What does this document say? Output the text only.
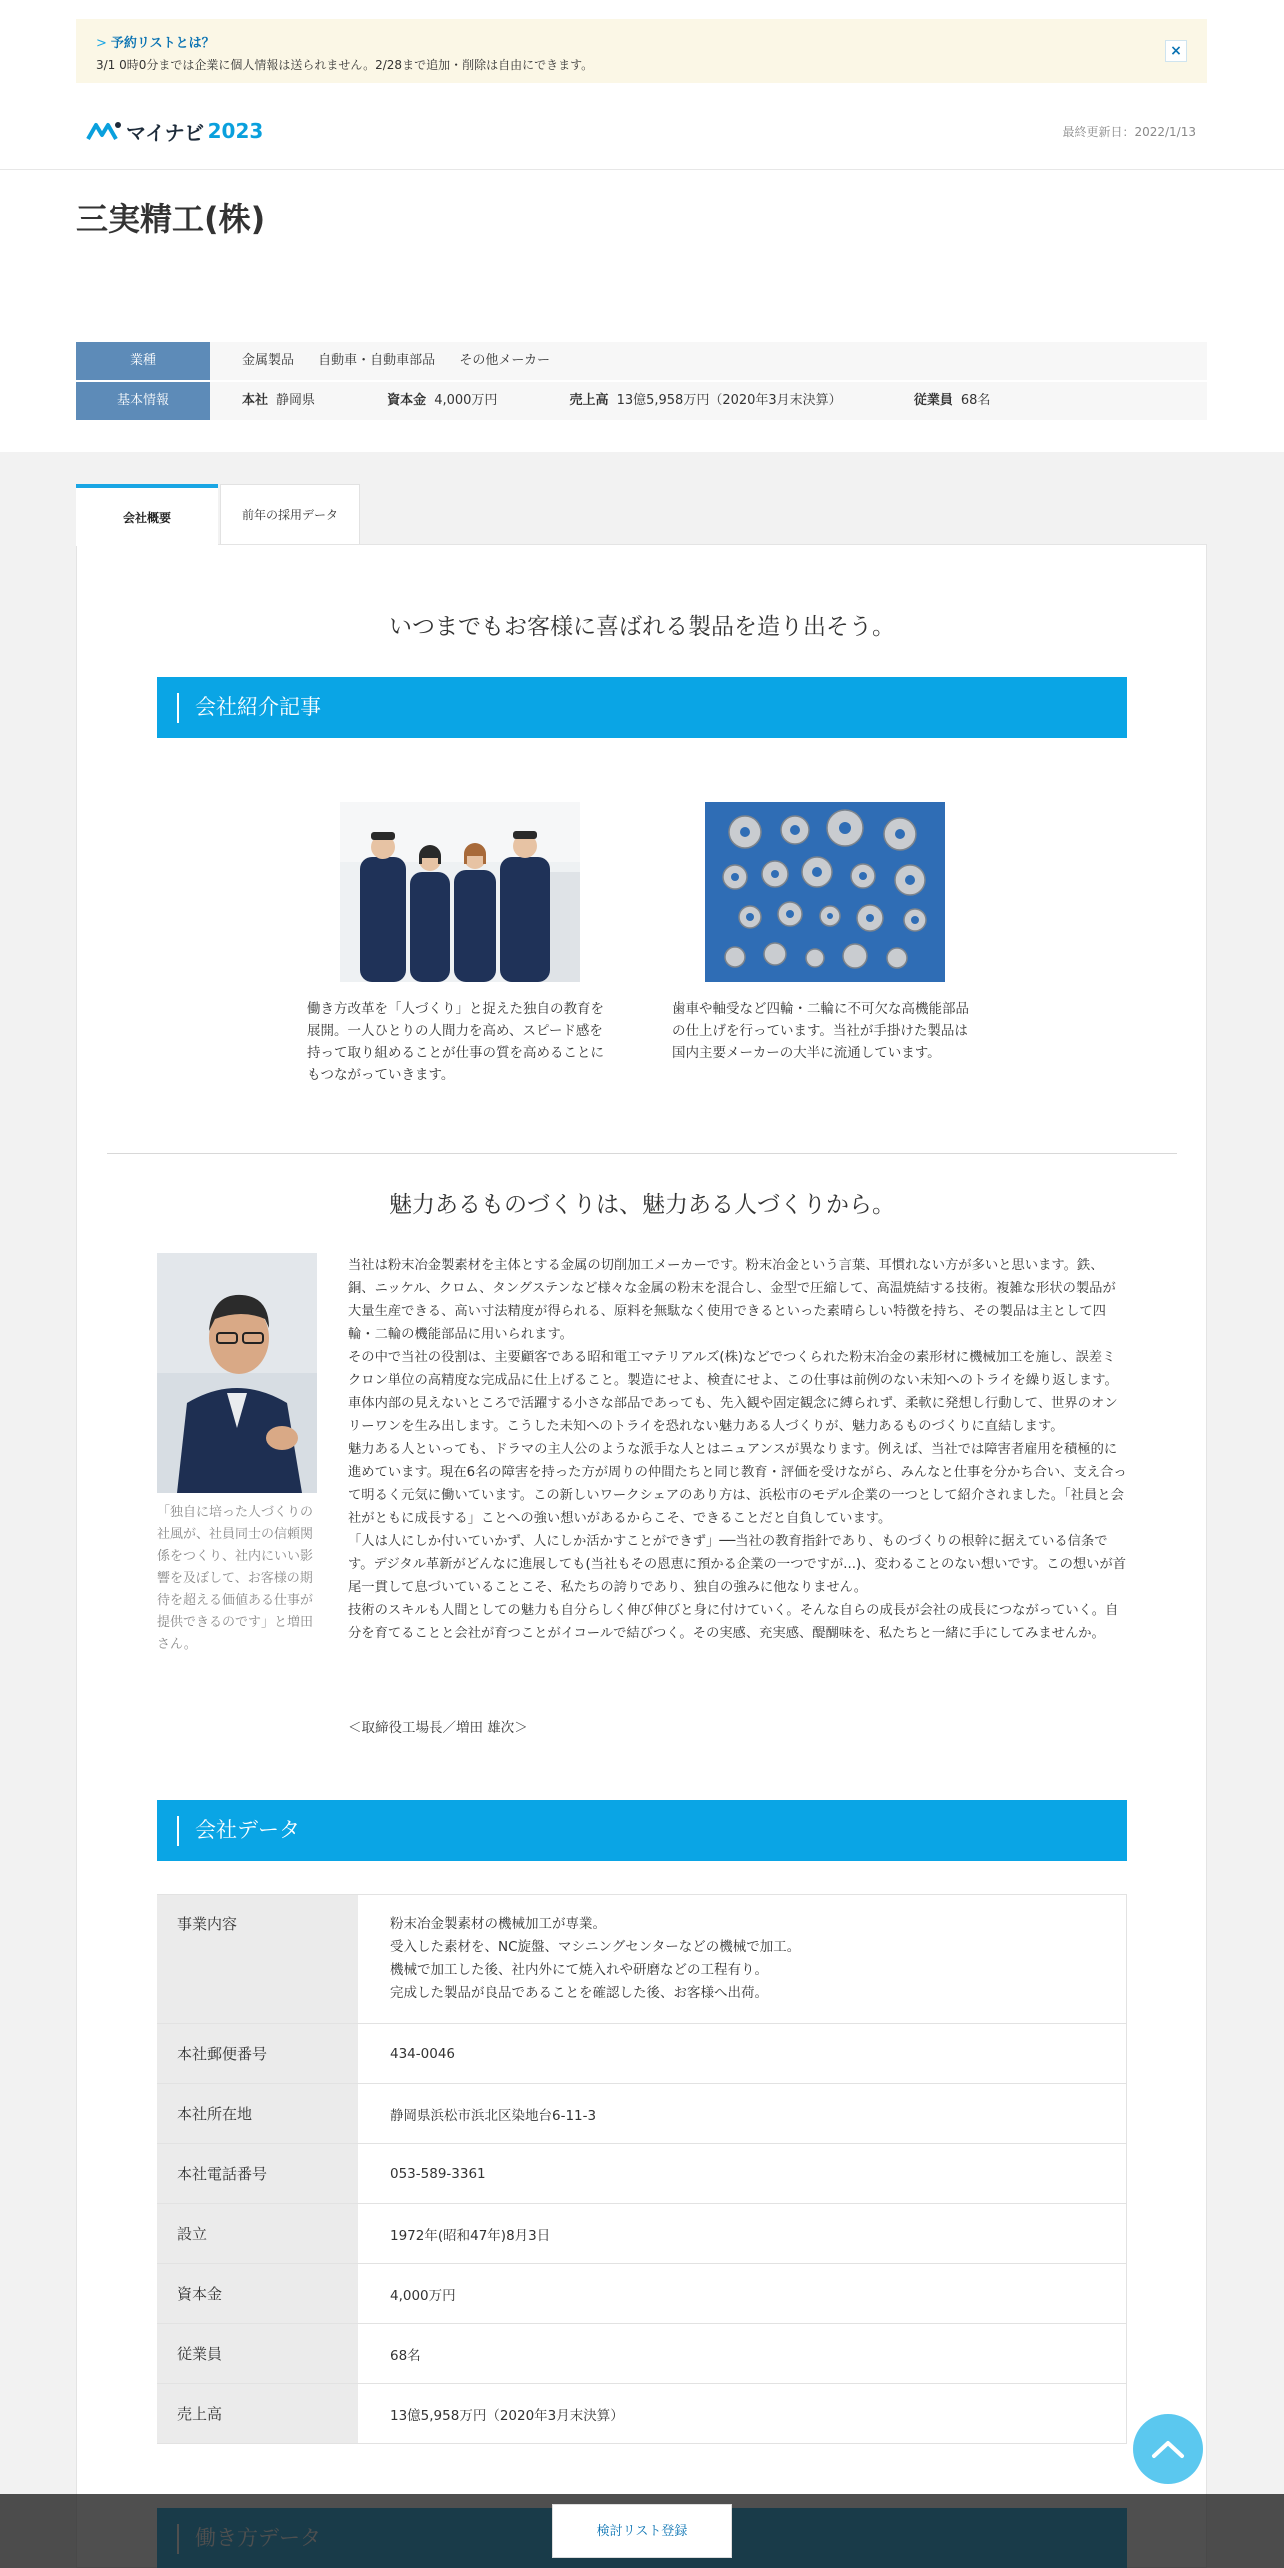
> 予約リストとは？
3/1 0時0分までは企業に個人情報は送られません。2/28まで追加・削除は自由にできます。
×
マイナビ 2023	最終更新日：2022/1/13
三実精工(株)
業種	金属製品 自動車・自動車部品 その他メーカー
基本情報	本社 静岡県	資本金 4,000万円	売上高 13億5,958万円（2020年3月末決算）	従業員 68名
会社概要	前年の採用データ
いつまでもお客様に喜ばれる製品を造り出そう。
会社紹介記事
働き方改革を「人づくり」と捉えた独自の教育を展開。一人ひとりの人間力を高め、スピード感を持って取り組めることが仕事の質を高めることにもつながっていきます。
歯車や軸受など四輪・二輪に不可欠な高機能部品の仕上げを行っています。当社が手掛けた製品は国内主要メーカーの大半に流通しています。
魅力あるものづくりは、魅力ある人づくりから。
「独自に培った人づくりの社風が、社員同士の信頼関係をつくり、社内にいい影響を及ぼして、お客様の期待を超える価値ある仕事が提供できるのです」と増田さん。

当社は粉末冶金製素材を主体とする金属の切削加工メーカーです。粉末冶金という言葉、耳慣れない方が多いと思います。鉄、銅、ニッケル、クロム、タングステンなど様々な金属の粉末を混合し、金型で圧縮して、高温焼結する技術。複雑な形状の製品が大量生産できる、高い寸法精度が得られる、原料を無駄なく使用できるといった素晴らしい特徴を持ち、その製品は主として四輪・二輪の機能部品に用いられます。

その中で当社の役割は、主要顧客である昭和電工マテリアルズ(株)などでつくられた粉末冶金の素形材に機械加工を施し、誤差ミクロン単位の高精度な完成品に仕上げること。製造にせよ、検査にせよ、この仕事は前例のない未知へのトライを繰り返します。車体内部の見えないところで活躍する小さな部品であっても、先入観や固定観念に縛られず、柔軟に発想し行動して、世界のオンリーワンを生み出します。こうした未知へのトライを恐れない魅力ある人づくりが、魅力あるものづくりに直結します。

魅力ある人といっても、ドラマの主人公のような派手な人とはニュアンスが異なります。例えば、当社では障害者雇用を積極的に進めています。現在6名の障害を持った方が周りの仲間たちと同じ教育・評価を受けながら、みんなと仕事を分かち合い、支え合って明るく元気に働いています。この新しいワークシェアのあり方は、浜松市のモデル企業の一つとして紹介されました。「社員と会社がともに成長する」ことへの強い想いがあるからこそ、できることだと自負しています。

「人は人にしか付いていかず、人にしか活かすことができず」──当社の教育指針であり、ものづくりの根幹に据えている信条です。デジタル革新がどんなに進展しても(当社もその恩恵に預かる企業の一つですが...)、変わることのない想いです。この想いが首尾一貫して息づいていることこそ、私たちの誇りであり、独自の強みに他なりません。

技術のスキルも人間としての魅力も自分らしく伸び伸びと身に付けていく。そんな自らの成長が会社の成長につながっていく。自分を育てることと会社が育つことがイコールで結びつく。その実感、充実感、醍醐味を、私たちと一緒に手にしてみませんか。

＜取締役工場長／増田 雄次＞
会社データ
事業内容	粉末冶金製素材の機械加工が専業。
受入した素材を、NC旋盤、マシニングセンターなどの機械で加工。
機械で加工した後、社内外にて焼入れや研磨などの工程有り。
完成した製品が良品であることを確認した後、お客様へ出荷。
本社郵便番号	434-0046
本社所在地	静岡県浜松市浜北区染地台6-11-3
本社電話番号	053-589-3361
設立	1972年(昭和47年)8月3日
資本金	4,000万円
従業員	68名
売上高	13億5,958万円（2020年3月末決算）
検討リスト登録
